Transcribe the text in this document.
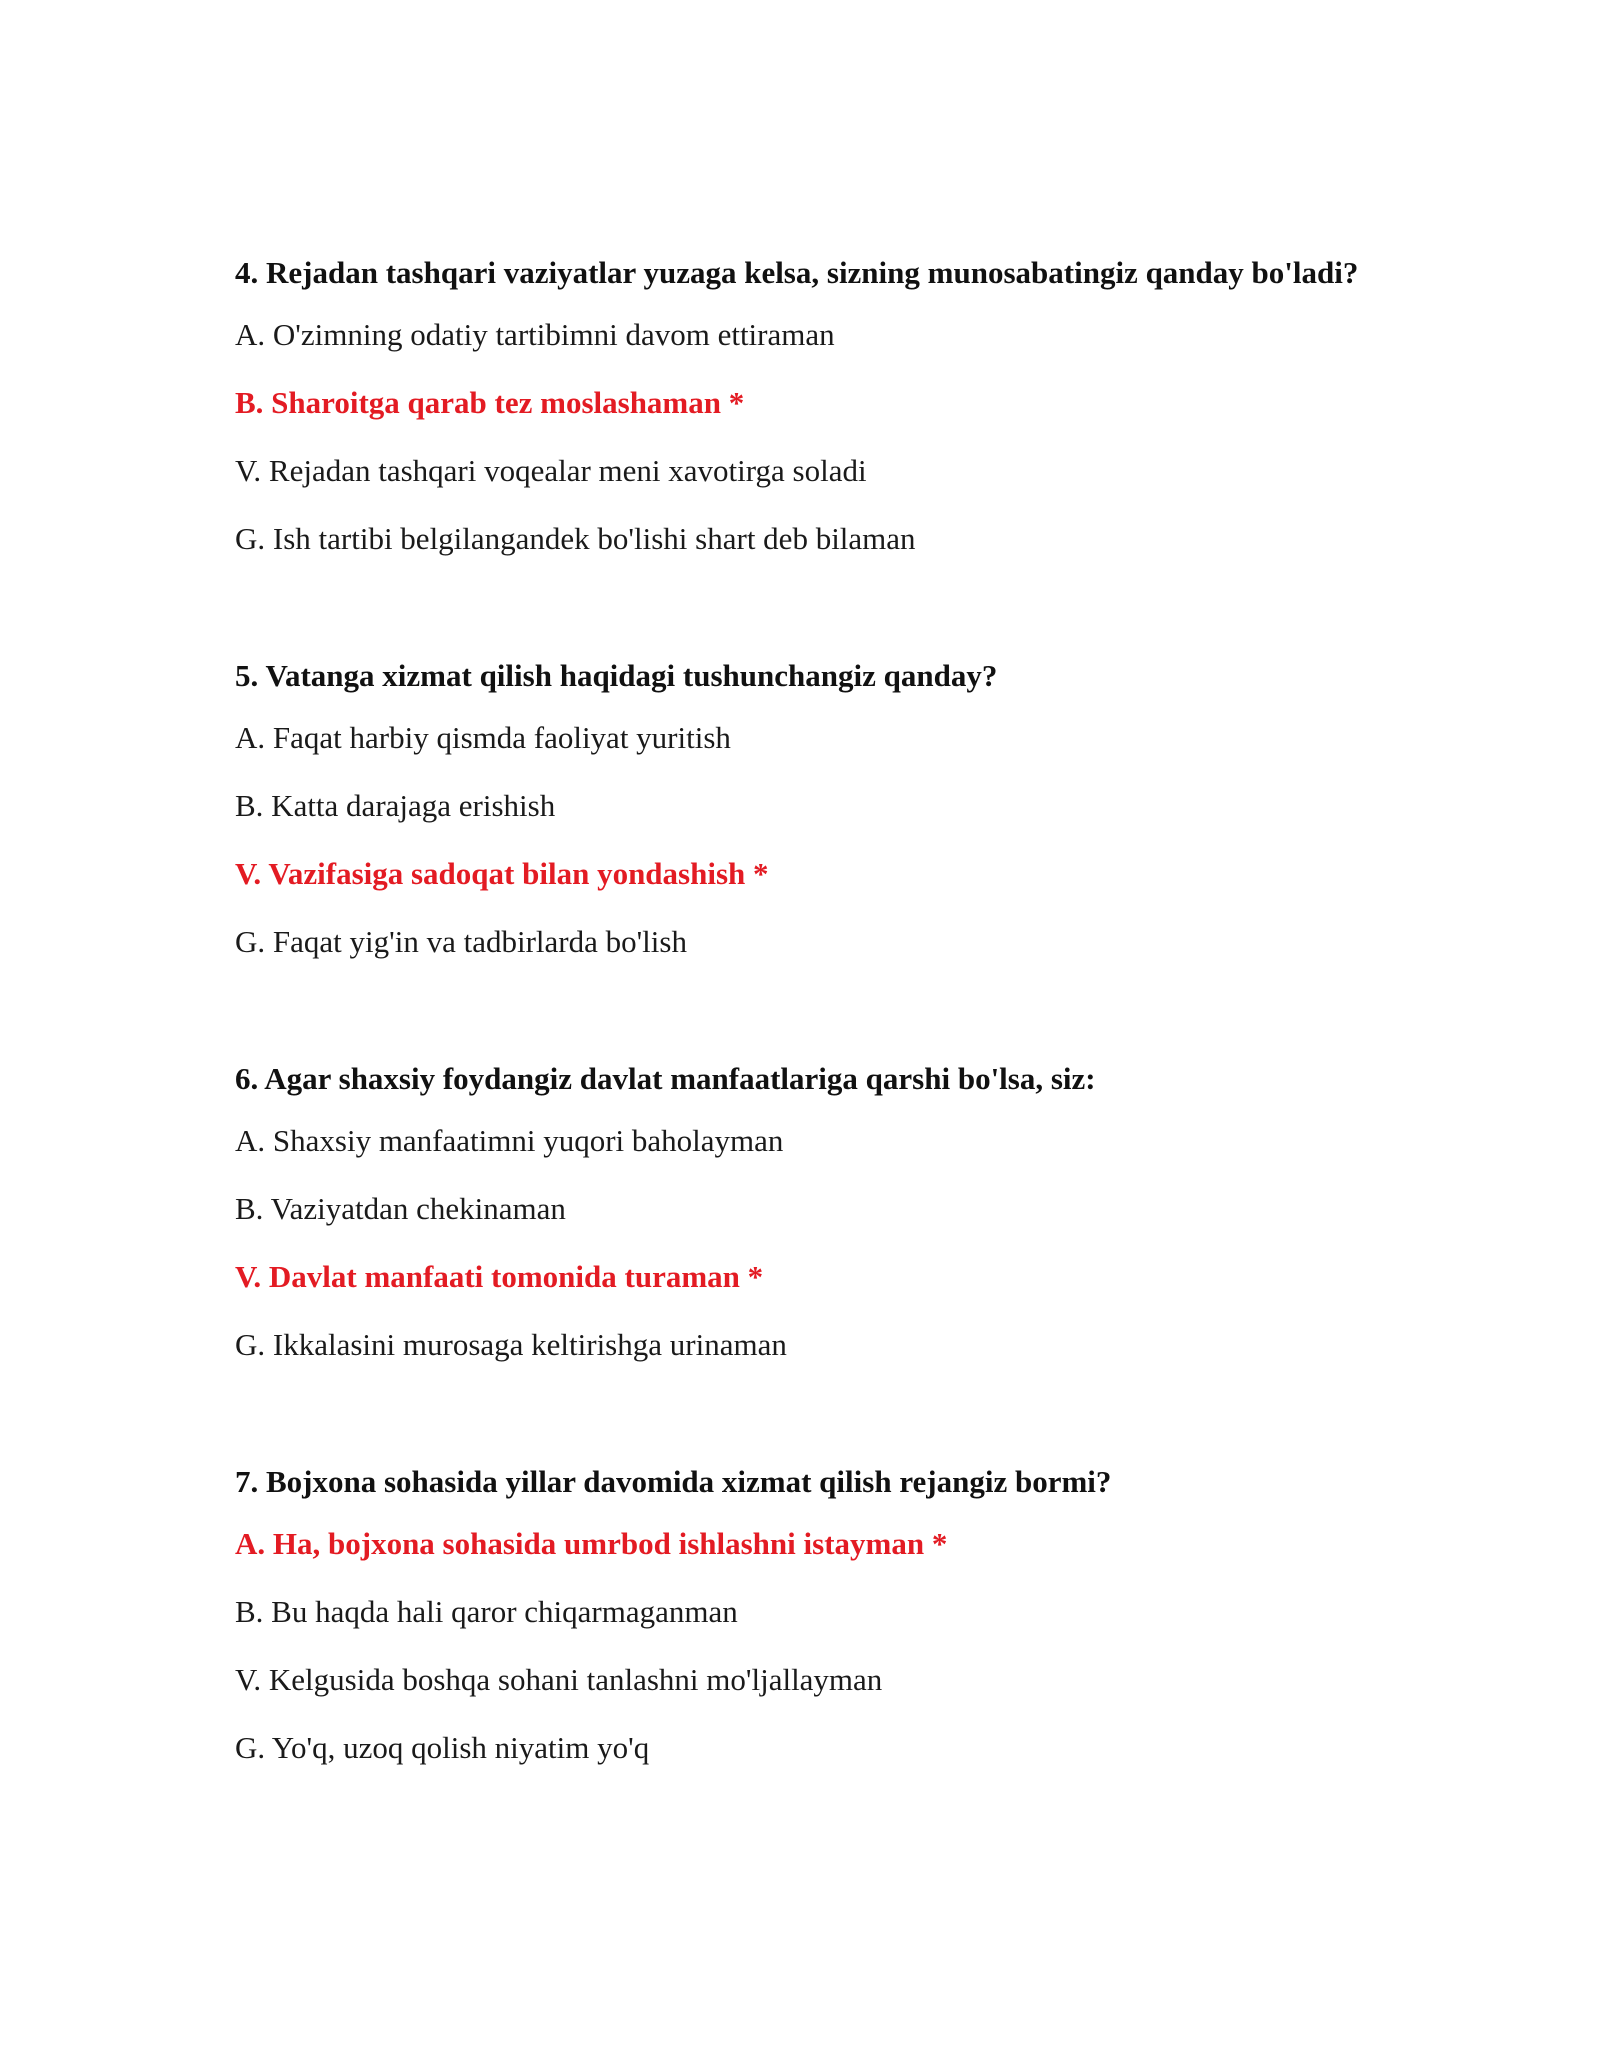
4. Rejadan tashqari vaziyatlar yuzaga kelsa, sizning munosabatingiz qanday bo'ladi?

A. O'zimning odatiy tartibimni davom ettiraman
B. Sharoitga qarab tez moslashaman *
V. Rejadan tashqari voqealar meni xavotirga soladi
G. Ish tartibi belgilangandek bo'lishi shart deb bilaman

5. Vatanga xizmat qilish haqidagi tushunchangiz qanday?

A. Faqat harbiy qismda faoliyat yuritish
B. Katta darajaga erishish
V. Vazifasiga sadoqat bilan yondashish *
G. Faqat yig'in va tadbirlarda bo'lish

6. Agar shaxsiy foydangiz davlat manfaatlariga qarshi bo'lsa, siz:

A. Shaxsiy manfaatimni yuqori baholayman
B. Vaziyatdan chekinaman
V. Davlat manfaati tomonida turaman *
G. Ikkalasini murosaga keltirishga urinaman

7. Bojxona sohasida yillar davomida xizmat qilish rejangiz bormi?

A. Ha, bojxona sohasida umrbod ishlashni istayman *
B. Bu haqda hali qaror chiqarmaganman
V. Kelgusida boshqa sohani tanlashni mo'ljallayman
G. Yo'q, uzoq qolish niyatim yo'q
